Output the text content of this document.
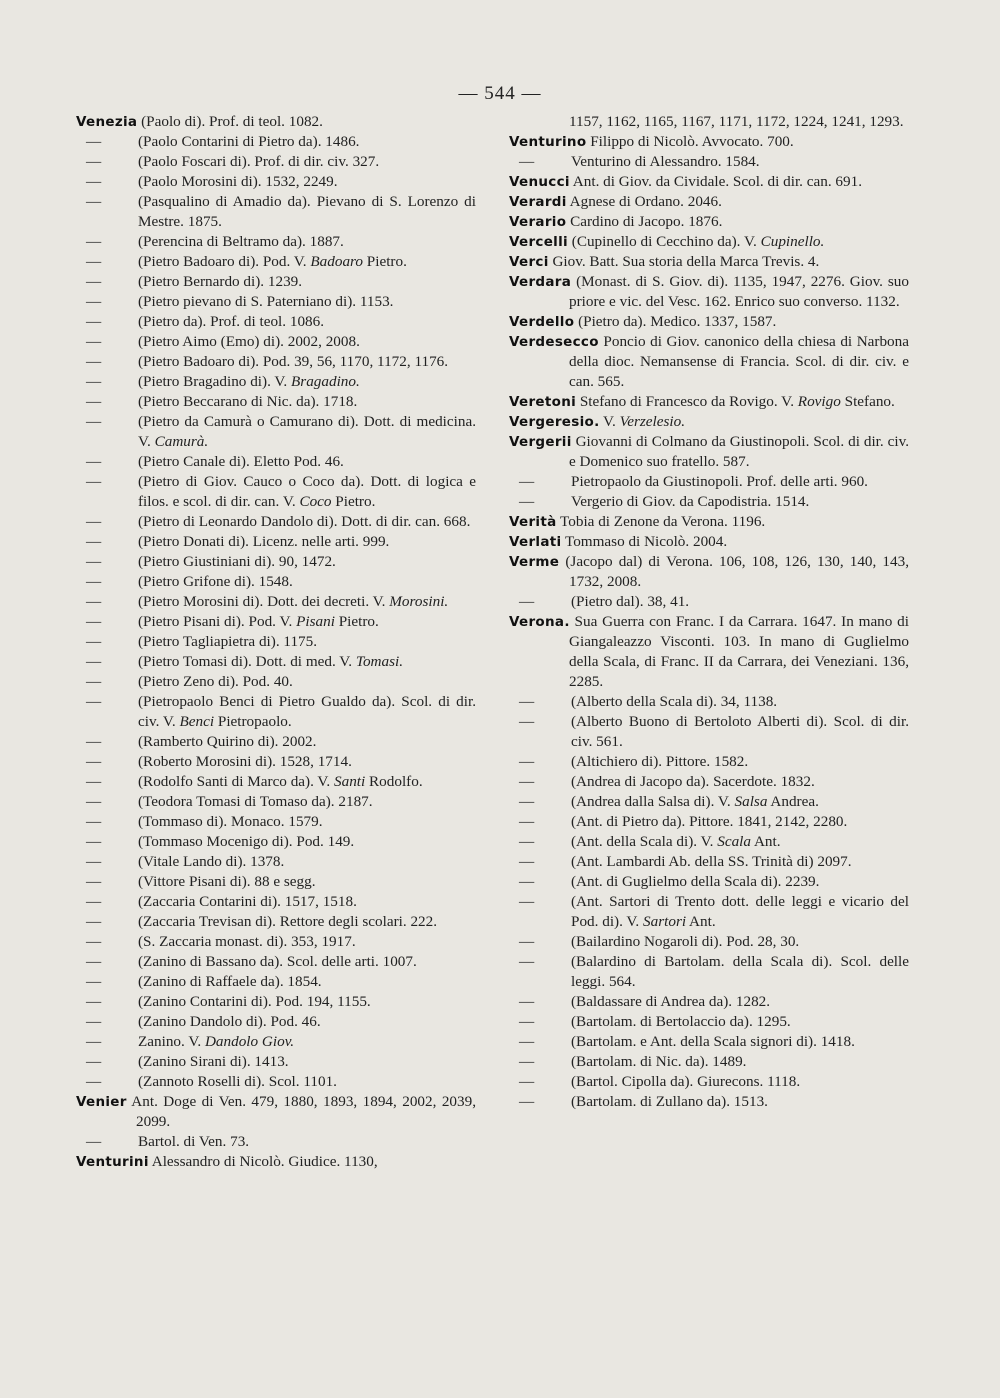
— 544 —
Venezia (Paolo di). Prof. di teol. 1082.
— (Paolo Contarini di Pietro da). 1486.
— (Paolo Foscari di). Prof. di dir. civ. 327.
— (Paolo Morosini di). 1532, 2249.
— (Pasqualino di Amadio da). Pievano di S. Lorenzo di Mestre. 1875.
— (Perencina di Beltramo da). 1887.
— (Pietro Badoaro di). Pod. V. Badoaro Pietro.
— (Pietro Bernardo di). 1239.
— (Pietro pievano di S. Paterniano di). 1153.
— (Pietro da). Prof. di teol. 1086.
— (Pietro Aimo (Emo) di). 2002, 2008.
— (Pietro Badoaro di). Pod. 39, 56, 1170, 1172, 1176.
— (Pietro Bragadino di). V. Bragadino.
— (Pietro Beccarano di Nic. da). 1718.
— (Pietro da Camurà o Camurano di). Dott. di medicina. V. Camurà.
— (Pietro Canale di). Eletto Pod. 46.
— (Pietro di Giov. Cauco o Coco da). Dott. di logica e filos. e scol. di dir. can. V. Coco Pietro.
— (Pietro di Leonardo Dandolo di). Dott. di dir. can. 668.
— (Pietro Donati di). Licenz. nelle arti. 999.
— (Pietro Giustiniani di). 90, 1472.
— (Pietro Grifone di). 1548.
— (Pietro Morosini di). Dott. dei decreti. V. Morosini.
— (Pietro Pisani di). Pod. V. Pisani Pietro.
— (Pietro Tagliapietra di). 1175.
— (Pietro Tomasi di). Dott. di med. V. Tomasi.
— (Pietro Zeno di). Pod. 40.
— (Pietropaolo Benci di Pietro Gualdo da). Scol. di dir. civ. V. Benci Pietropaolo.
— (Ramberto Quirino di). 2002.
— (Roberto Morosini di). 1528, 1714.
— (Rodolfo Santi di Marco da). V. Santi Rodolfo.
— (Teodora Tomasi di Tomaso da). 2187.
— (Tommaso di). Monaco. 1579.
— (Tommaso Mocenigo di). Pod. 149.
— (Vitale Lando di). 1378.
— (Vittore Pisani di). 88 e segg.
— (Zaccaria Contarini di). 1517, 1518.
— (Zaccaria Trevisan di). Rettore degli scolari. 222.
— (S. Zaccaria monast. di). 353, 1917.
— (Zanino di Bassano da). Scol. delle arti. 1007.
— (Zanino di Raffaele da). 1854.
— (Zanino Contarini di). Pod. 194, 1155.
— (Zanino Dandolo di). Pod. 46.
— Zanino. V. Dandolo Giov.
— (Zanino Sirani di). 1413.
— (Zannoto Roselli di). Scol. 1101.
Venier Ant. Doge di Ven. 479, 1880, 1893, 1894, 2002, 2039, 2099.
— Bartol. di Ven. 73.
Venturini Alessandro di Nicolò. Giudice. 1130,
1157, 1162, 1165, 1167, 1171, 1172, 1224, 1241, 1293.
Venturino Filippo di Nicolò. Avvocato. 700.
— Venturino di Alessandro. 1584.
Venucci Ant. di Giov. da Cividale. Scol. di dir. can. 691.
Verardi Agnese di Ordano. 2046.
Verario Cardino di Jacopo. 1876.
Vercelli (Cupinello di Cecchino da). V. Cupinello.
Verci Giov. Batt. Sua storia della Marca Trevis. 4.
Verdara (Monast. di S. Giov. di). 1135, 1947, 2276. Giov. suo priore e vic. del Vesc. 162. Enrico suo converso. 1132.
Verdello (Pietro da). Medico. 1337, 1587.
Verdesecco Poncio di Giov. canonico della chiesa di Narbona della dioc. Nemansense di Francia. Scol. di dir. civ. e can. 565.
Veretoni Stefano di Francesco da Rovigo. V. Rovigo Stefano.
Vergeresio. V. Verzelesio.
Vergerii Giovanni di Colmano da Giustinopoli. Scol. di dir. civ. e Domenico suo fratello. 587.
— Pietropaolo da Giustinopoli. Prof. delle arti. 960.
— Vergerio di Giov. da Capodistria. 1514.
Verità Tobia di Zenone da Verona. 1196.
Verlati Tommaso di Nicolò. 2004.
Verme (Jacopo dal) di Verona. 106, 108, 126, 130, 140, 143, 1732, 2008.
— (Pietro dal). 38, 41.
Verona. Sua Guerra con Franc. I da Carrara. 1647. In mano di Giangaleazzo Visconti. 103. In mano di Guglielmo della Scala, di Franc. II da Carrara, dei Veneziani. 136, 2285.
— (Alberto della Scala di). 34, 1138.
— (Alberto Buono di Bertoloto Alberti di). Scol. di dir. civ. 561.
— (Altichiero di). Pittore. 1582.
— (Andrea di Jacopo da). Sacerdote. 1832.
— (Andrea dalla Salsa di). V. Salsa Andrea.
— (Ant. di Pietro da). Pittore. 1841, 2142, 2280.
— (Ant. della Scala di). V. Scala Ant.
— (Ant. Lambardi Ab. della SS. Trinità di) 2097.
— (Ant. di Guglielmo della Scala di). 2239.
— (Ant. Sartori di Trento dott. delle leggi e vicario del Pod. di). V. Sartori Ant.
— (Bailardino Nogaroli di). Pod. 28, 30.
— (Balardino di Bartolam. della Scala di). Scol. delle leggi. 564.
— (Baldassare di Andrea da). 1282.
— (Bartolam. di Bertolaccio da). 1295.
— (Bartolam. e Ant. della Scala signori di). 1418.
— (Bartolam. di Nic. da). 1489.
— (Bartol. Cipolla da). Giurecons. 1118.
— (Bartolam. di Zullano da). 1513.
